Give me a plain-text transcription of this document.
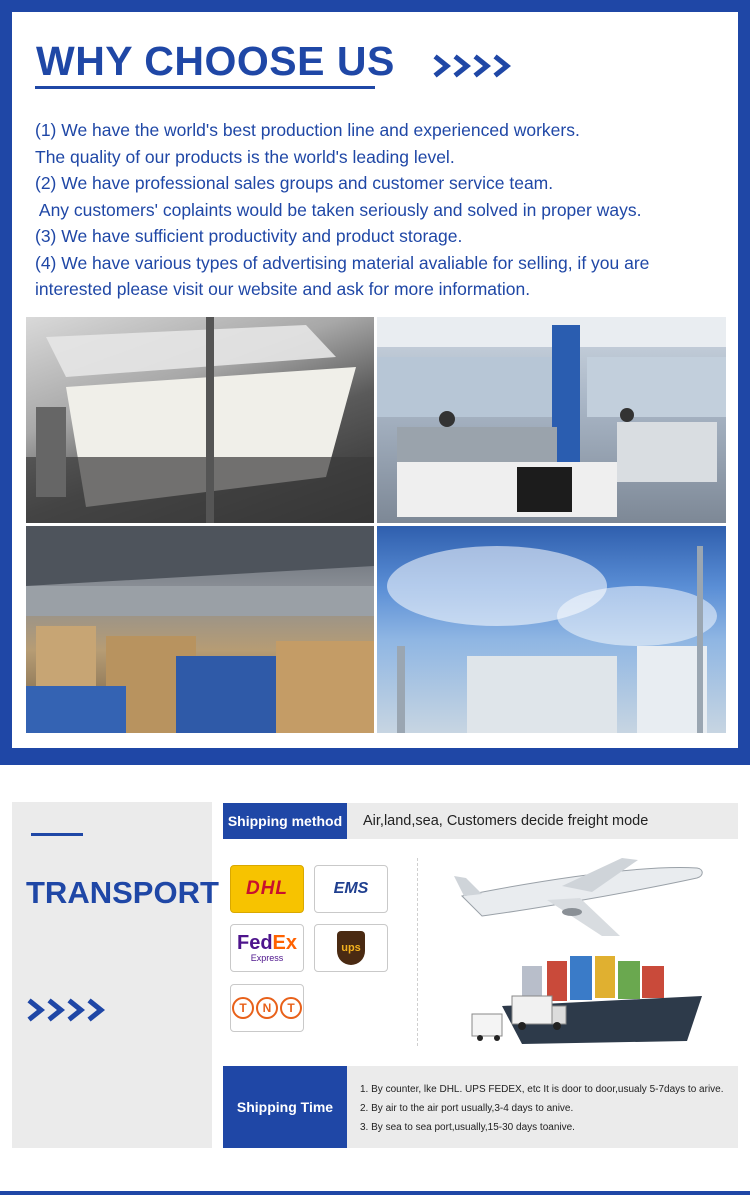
WHY CHOOSE US

(1) We have the world's best production line and experienced workers.

The quality of our products is the world's leading level.

(2) We have professional sales groups and customer service team.

Any customers' coplaints would be taken seriously and solved in proper ways.

(3) We have sufficient productivity and product storage.

(4) We have various types of advertising material avaliable for selling, if you are

interested please visit our website and ask for more information.

TRANSPORT
Shipping method	Air,land,sea, Customers decide freight mode
DHL	EMS
FedEx
Express
ups
T	N	T
Shipping Time
1. By counter, lke DHL. UPS FEDEX, etc It is door to door,usualy 5-7days to arive.
2. By air to the air port usually,3-4 days to anive.
3. By sea to sea port,usually,15-30 days toanive.
